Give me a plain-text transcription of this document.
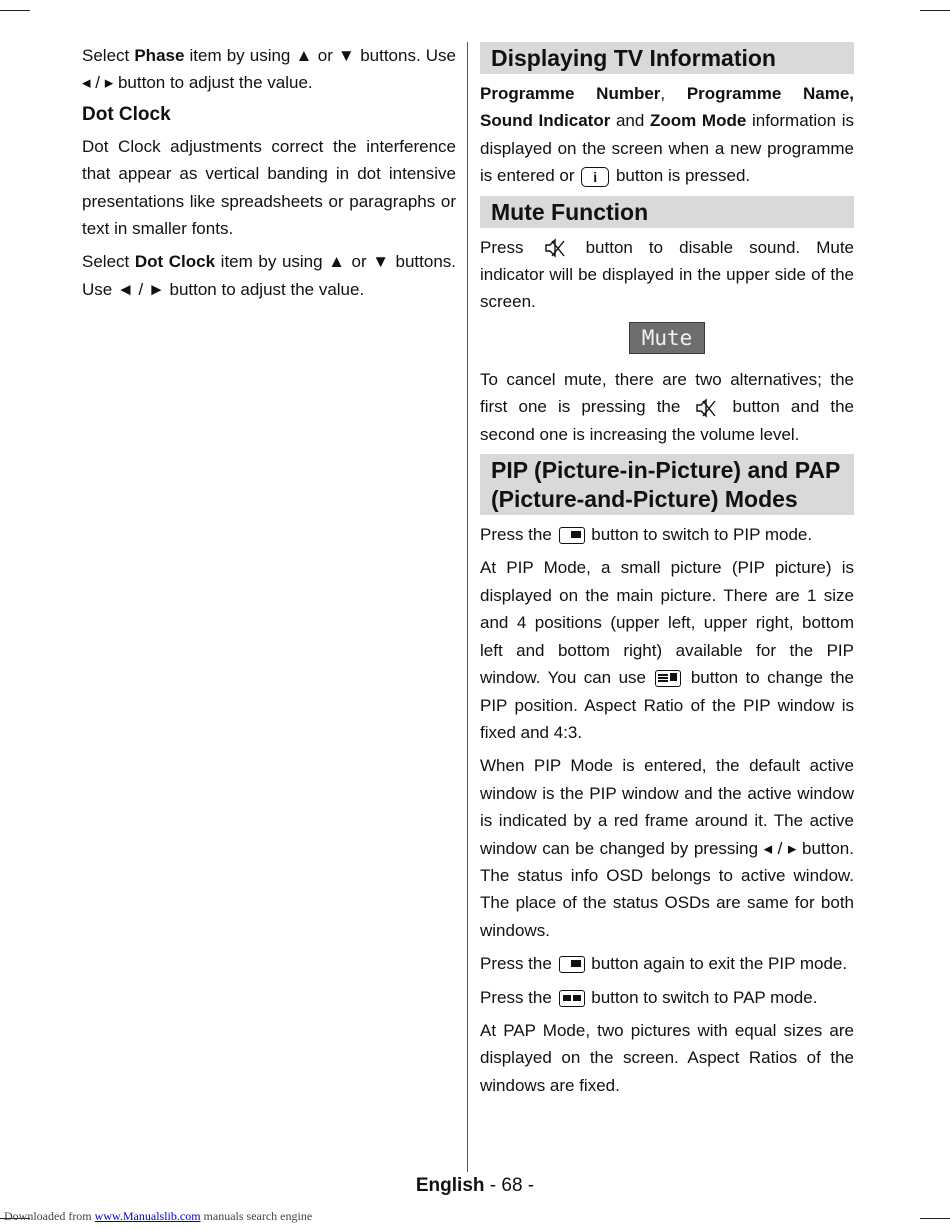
Select Phase item by using ▲ or ▼ buttons. Use ◂ / ▸ button to adjust the value.

Dot Clock

Dot Clock adjustments correct the interference that appear as vertical banding in dot intensive presentations like spreadsheets or paragraphs or text in smaller fonts.

Select Dot Clock item by using ▲ or ▼ buttons. Use ◄ / ► button to adjust the value.

Displaying TV Information

Programme Number, Programme Name, Sound Indicator and Zoom Mode information is displayed on the screen when a new programme is entered or i button is pressed.

Mute Function

Press  button to disable sound. Mute indicator will be displayed in the upper side of the screen.

Mute

To cancel mute, there are two alternatives; the first one is pressing the  button and the second one is increasing the volume level.

PIP (Picture-in-Picture) and PAP (Picture-and-Picture) Modes

Press the  button to switch to PIP mode.

At PIP Mode, a small picture (PIP picture) is displayed on the main picture. There are 1 size and 4 positions (upper left, upper right, bottom left and bottom right) available for the PIP window. You can use  button to change the PIP position. Aspect Ratio of the PIP window is fixed and 4:3.

When PIP Mode is entered, the default active window is the PIP window and the active window is indicated by a red frame around it. The active window can be changed by pressing ◂ / ▸ button. The status info OSD belongs to active window. The place of the status OSDs are same for both windows.

Press the  button again to exit the PIP mode.

Press the  button to switch to PAP mode.

At PAP Mode, two pictures with equal sizes are displayed on the screen. Aspect Ratios of the windows are fixed.

English - 68 -
Downloaded from www.Manualslib.com manuals search engine
